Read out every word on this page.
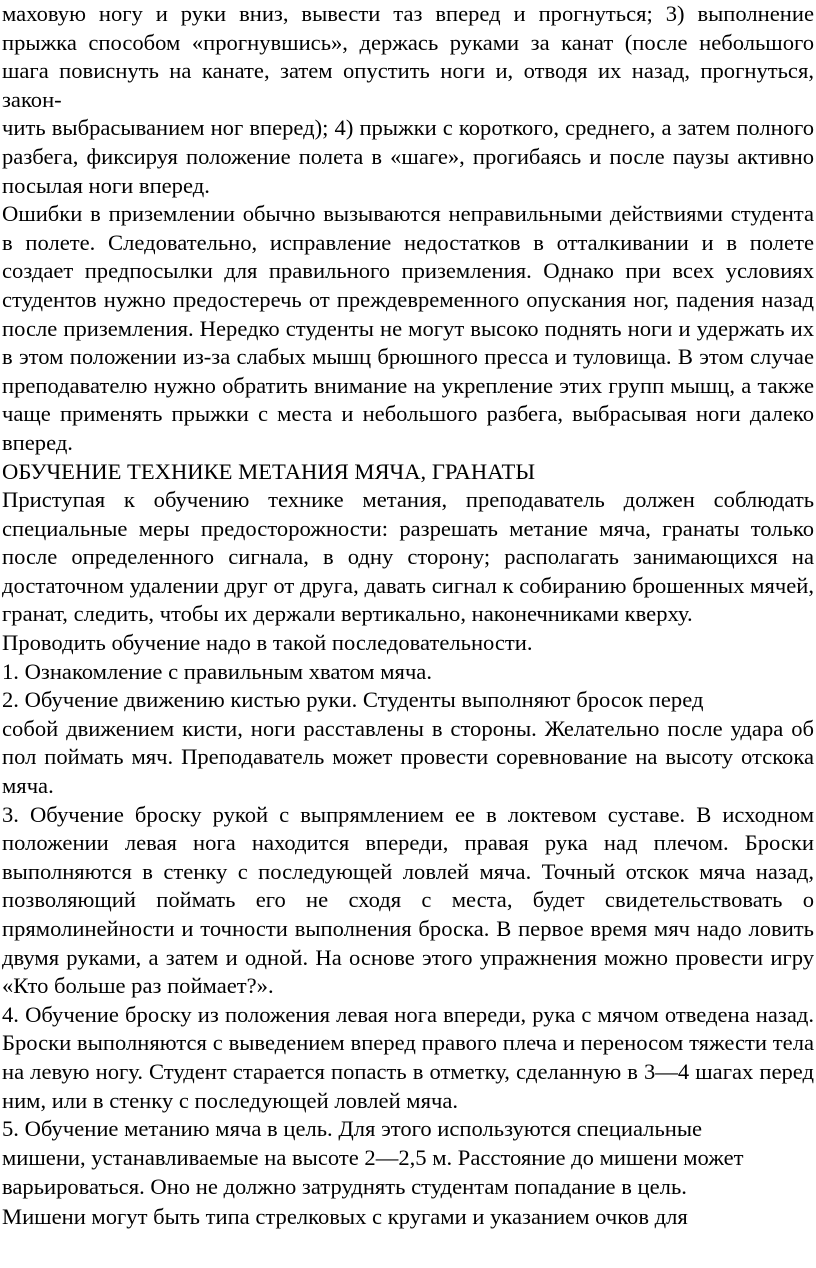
маховую ногу и руки вниз, вывести таз вперед и прогнуться; 3) выполнение прыжка способом «прогнувшись», держась руками за канат (после небольшого шага повиснуть на канате, затем опустить ноги и, отводя их назад, прогнуться, закон-

чить выбрасыванием ног вперед); 4) прыжки с короткого, среднего, а затем полного разбега, фиксируя положение полета в «шаге», прогибаясь и после паузы активно посылая ноги вперед.

Ошибки в приземлении обычно вызываются неправильными действиями студента в полете. Следовательно, исправление недостатков в отталкивании и в полете создает предпосылки для правильного приземления. Однако при всех условиях студентов нужно предостеречь от преждевременного опускания ног, падения назад после приземления. Нередко студенты не могут высоко поднять ноги и удержать их в этом положении из-за слабых мышц брюшного пресса и туловища. В этом случае преподавателю нужно обратить внимание на укрепление этих групп мышц, а также чаще применять прыжки с места и небольшого разбега, выбрасывая ноги далеко вперед.

ОБУЧЕНИЕ ТЕХНИКЕ МЕТАНИЯ МЯЧА, ГРАНАТЫ

Приступая к обучению технике метания, преподаватель должен соблюдать специальные меры предосторожности: разрешать метание мяча, гранаты только после определенного сигнала, в одну сторону; располагать занимающихся на достаточном удалении друг от друга, давать сигнал к собиранию брошенных мячей, гранат, следить, чтобы их держали вертикально, наконечниками кверху.

Проводить обучение надо в такой последовательности.

1. Ознакомление с правильным хватом мяча.

2. Обучение движению кистью руки. Студенты выполняют бросок перед

собой движением кисти, ноги расставлены в стороны. Желательно после удара об пол поймать мяч. Преподаватель может провести соревнование на высоту отскока мяча.

3. Обучение броску рукой с выпрямлением ее в локтевом суставе. В исходном положении левая нога находится впереди, правая рука над плечом. Броски выполняются в стенку с последующей ловлей мяча. Точный отскок мяча назад, позволяющий поймать его не сходя с места, будет свидетельствовать о прямолинейности и точности выполнения броска. В первое время мяч надо ловить двумя руками, а затем и одной. На основе этого упражнения можно провести игру «Кто больше раз поймает?».

4. Обучение броску из положения левая нога впереди, рука с мячом отведена назад. Броски выполняются с выведением вперед правого плеча и переносом тяжести тела на левую ногу. Студент старается попасть в отметку, сделанную в 3—4 шагах перед ним, или в стенку с последующей ловлей мяча.

5. Обучение метанию мяча в цель. Для этого используются специальные

мишени, устанавливаемые на высоте 2—2,5 м. Расстояние до мишени может

варьироваться. Оно не должно затруднять студентам попадание в цель.

Мишени могут быть типа стрелковых с кругами и указанием очков для
